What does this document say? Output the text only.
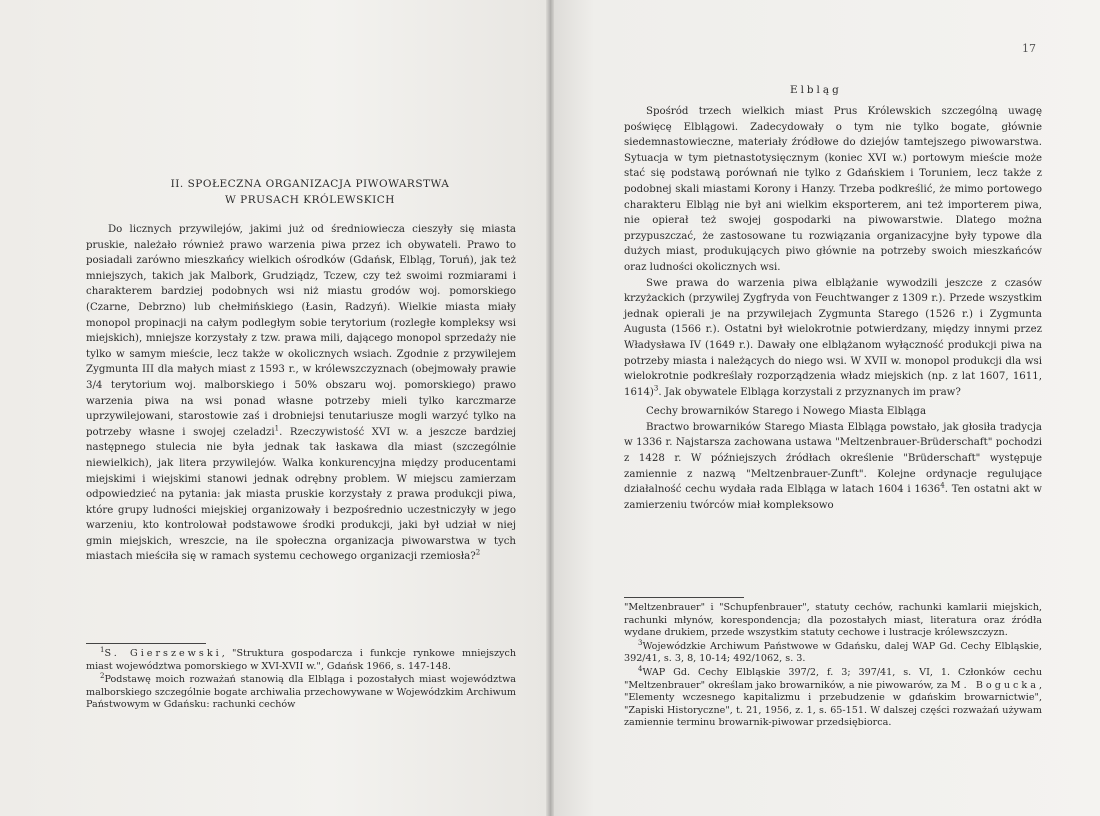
II. SPOŁECZNA ORGANIZACJA PIWOWARSTWA
W PRUSACH KRÓLEWSKICH

Do licznych przywilejów, jakimi już od średniowiecza cieszyły się miasta pruskie, należało również prawo warzenia piwa przez ich obywateli. Prawo to posiadali zarówno mieszkańcy wielkich ośrodków (Gdańsk, Elbląg, Toruń), jak też mniejszych, takich jak Malbork, Grudziądz, Tczew, czy też swoimi rozmiarami i charakterem bardziej podobnych wsi niż miastu grodów woj. pomorskiego (Czarne, Debrzno) lub chełmińskiego (Łasin, Radzyń). Wielkie miasta miały monopol propinacji na całym podległym sobie terytorium (rozległe kompleksy wsi miejskich), mniejsze korzystały z tzw. prawa mili, dającego monopol sprzedaży nie tylko w samym mieście, lecz także w okolicznych wsiach. Zgodnie z przywilejem Zygmunta III dla małych miast z 1593 r., w królewszczyznach (obejmowały prawie 3/4 terytorium woj. malborskiego i 50% obszaru woj. pomorskiego) prawo warzenia piwa na wsi ponad własne potrzeby mieli tylko karczmarze uprzywilejowani, starostowie zaś i drobniejsi tenutariusze mogli warzyć tylko na potrzeby własne i swojej czeladzi$^1$. Rzeczywistość XVI w. a jeszcze bardziej następnego stulecia nie była jednak tak łaskawa dla miast (szczególnie niewielkich), jak litera przywilejów. Walka konkurencyjna między producentami miejskimi i wiejskimi stanowi jednak odrębny problem. W miejscu zamierzam odpowiedzieć na pytania: jak miasta pruskie korzystały z prawa produkcji piwa, które grupy ludności miejskiej organizowały i bezpośrednio uczestniczyły w jego warzeniu, kto kontrolował podstawowe środki produkcji, jaki był udział w niej gmin miejskich, wreszcie, na ile społeczna organizacja piwowarstwa w tych miastach mieściła się w ramach systemu cechowego organizacji rzemiosła?$^2$

$^1$S. Gierszewski, "Struktura gospodarcza i funkcje rynkowe mniejszych miast województwa pomorskiego w XVI-XVII w.", Gdańsk 1966, s. 147-148.

$^2$Podstawę moich rozważań stanowią dla Elbląga i pozostałych miast województwa malborskiego szczególnie bogate archiwalia przechowywane w Wojewódzkim Archiwum Państwowym w Gdańsku: rachunki cechów

17
Elbląg

Spośród trzech wielkich miast Prus Królewskich szczególną uwagę poświęcę Elblągowi. Zadecydowały o tym nie tylko bogate, głównie siedemnastowieczne, materiały źródłowe do dziejów tamtejszego piwowarstwa. Sytuacja w tym pietnastotysięcznym (koniec XVI w.) portowym mieście może stać się podstawą porównań nie tylko z Gdańskiem i Toruniem, lecz także z podobnej skali miastami Korony i Hanzy. Trzeba podkreślić, że mimo portowego charakteru Elbląg nie był ani wielkim eksporterem, ani też importerem piwa, nie opierał też swojej gospodarki na piwowarstwie. Dlatego można przypuszczać, że zastosowane tu rozwiązania organizacyjne były typowe dla dużych miast, produkujących piwo głównie na potrzeby swoich mieszkańców oraz ludności okolicznych wsi.

Swe prawa do warzenia piwa elblążanie wywodzili jeszcze z czasów krzyżackich (przywilej Zygfryda von Feuchtwanger z 1309 r.). Przede wszystkim jednak opierali je na przywilejach Zygmunta Starego (1526 r.) i Zygmunta Augusta (1566 r.). Ostatni był wielokrotnie potwierdzany, między innymi przez Władysława IV (1649 r.). Dawały one elblążanom wyłączność produkcji piwa na potrzeby miasta i należących do niego wsi. W XVII w. monopol produkcji dla wsi wielokrotnie podkreślały rozporządzenia władz miejskich (np. z lat 1607, 1611, 1614)$^3$. Jak obywatele Elbląga korzystali z przyznanych im praw?

Cechy browarników Starego i Nowego Miasta Elbląga

Bractwo browarników Starego Miasta Elbląga powstało, jak głosiła tradycja w 1336 r. Najstarsza zachowana ustawa "Meltzenbrauer-Brüderschaft" pochodzi z 1428 r. W późniejszych źródłach określenie "Brüderschaft" występuje zamiennie z nazwą "Meltzenbrauer-Zunft". Kolejne ordynacje regulujące działalność cechu wydała rada Elbląga w latach 1604 i 1636$^4$. Ten ostatni akt w zamierzeniu twórców miał kompleksowo

"Meltzenbrauer" i "Schupfenbrauer", statuty cechów, rachunki kamlarii miejskich, rachunki młynów, korespondencja; dla pozostałych miast, literatura oraz źródła wydane drukiem, przede wszystkim statuty cechowe i lustracje królewszczyzn.

$^3$Wojewódzkie Archiwum Państwowe w Gdańsku, dalej WAP Gd. Cechy Elbląskie, 392/41, s. 3, 8, 10-14; 492/1062, s. 3.

$^4$WAP Gd. Cechy Elbląskie 397/2, f. 3; 397/41, s. VI, 1. Członków cechu "Meltzenbrauer" określam jako browarników, a nie piwowarów, za M. Bogucka, "Elementy wczesnego kapitalizmu i przebudzenie w gdańskim browarnictwie", "Zapiski Historyczne", t. 21, 1956, z. 1, s. 65-151. W dalszej części rozważań używam zamiennie terminu browarnik-piwowar przedsiębiorca.
